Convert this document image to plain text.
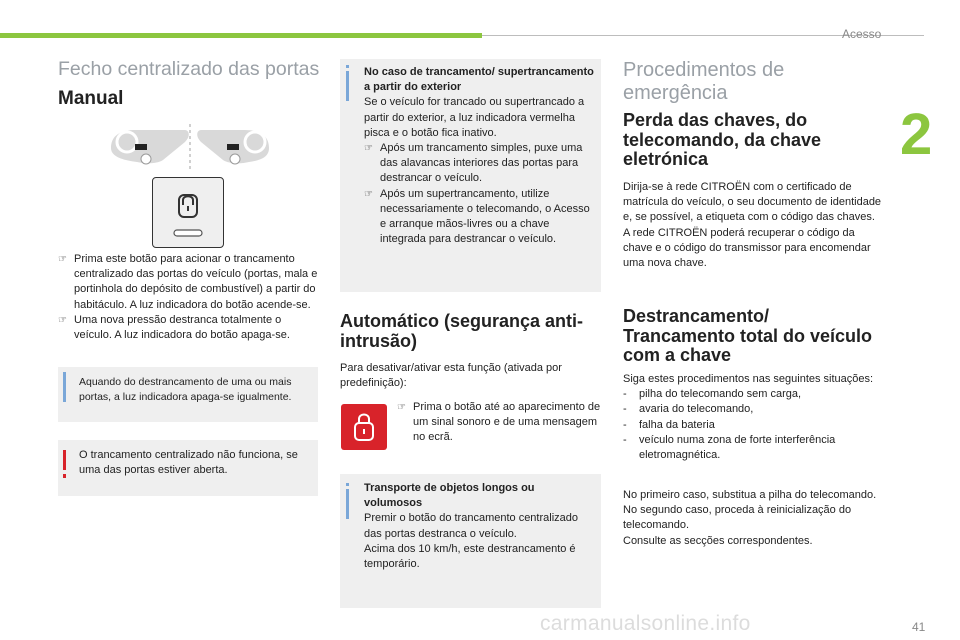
Acesso
2
41
carmanualsonline.info
Fecho centralizado das portas
Manual
☞ Prima este botão para acionar o trancamento centralizado das portas do veículo (portas, mala e portinhola do depósito de combustível) a partir do habitáculo. A luz indicadora do botão acende-se.
☞ Uma nova pressão destranca totalmente o veículo. A luz indicadora do botão apaga-se.
Aquando do destrancamento de uma ou mais portas, a luz indicadora apaga-se igualmente.
O trancamento centralizado não funciona, se uma das portas estiver aberta.

No caso de trancamento/ supertrancamento a partir do exterior

Se o veículo for trancado ou supertrancado a partir do exterior, a luz indicadora vermelha pisca e o botão fica inativo.

☞ Após um trancamento simples, puxe uma das alavancas interiores das portas para destrancar o veículo.
☞ Após um supertrancamento, utilize necessariamente o telecomando, o Acesso e arranque mãos-livres ou a chave integrada para destrancar o veículo.
Automático (segurança anti-intrusão)
Para desativar/ativar esta função (ativada por predefinição):
☞ Prima o botão até ao aparecimento de um sinal sonoro e de uma mensagem no ecrã.

Transporte de objetos longos ou volumosos

Premir o botão do trancamento centralizado das portas destranca o veículo.

Acima dos 10 km/h, este destrancamento é temporário.

Procedimentos de emergência
Perda das chaves, do telecomando, da chave eletrónica

Dirija-se à rede CITROËN com o certificado de matrícula do veículo, o seu documento de identidade e, se possível, a etiqueta com o código das chaves.

A rede CITROËN poderá recuperar o código da chave e o código do transmissor para encomendar uma nova chave.

Destrancamento/ Trancamento total do veículo com a chave

Siga estes procedimentos nas seguintes situações:

-	pilha do telecomando sem carga,
-	avaria do telecomando,
-	falha da bateria
-	veículo numa zona de forte interferência eletromagnética.

No primeiro caso, substitua a pilha do telecomando.

No segundo caso, proceda à reinicialização do telecomando.

Consulte as secções correspondentes.
